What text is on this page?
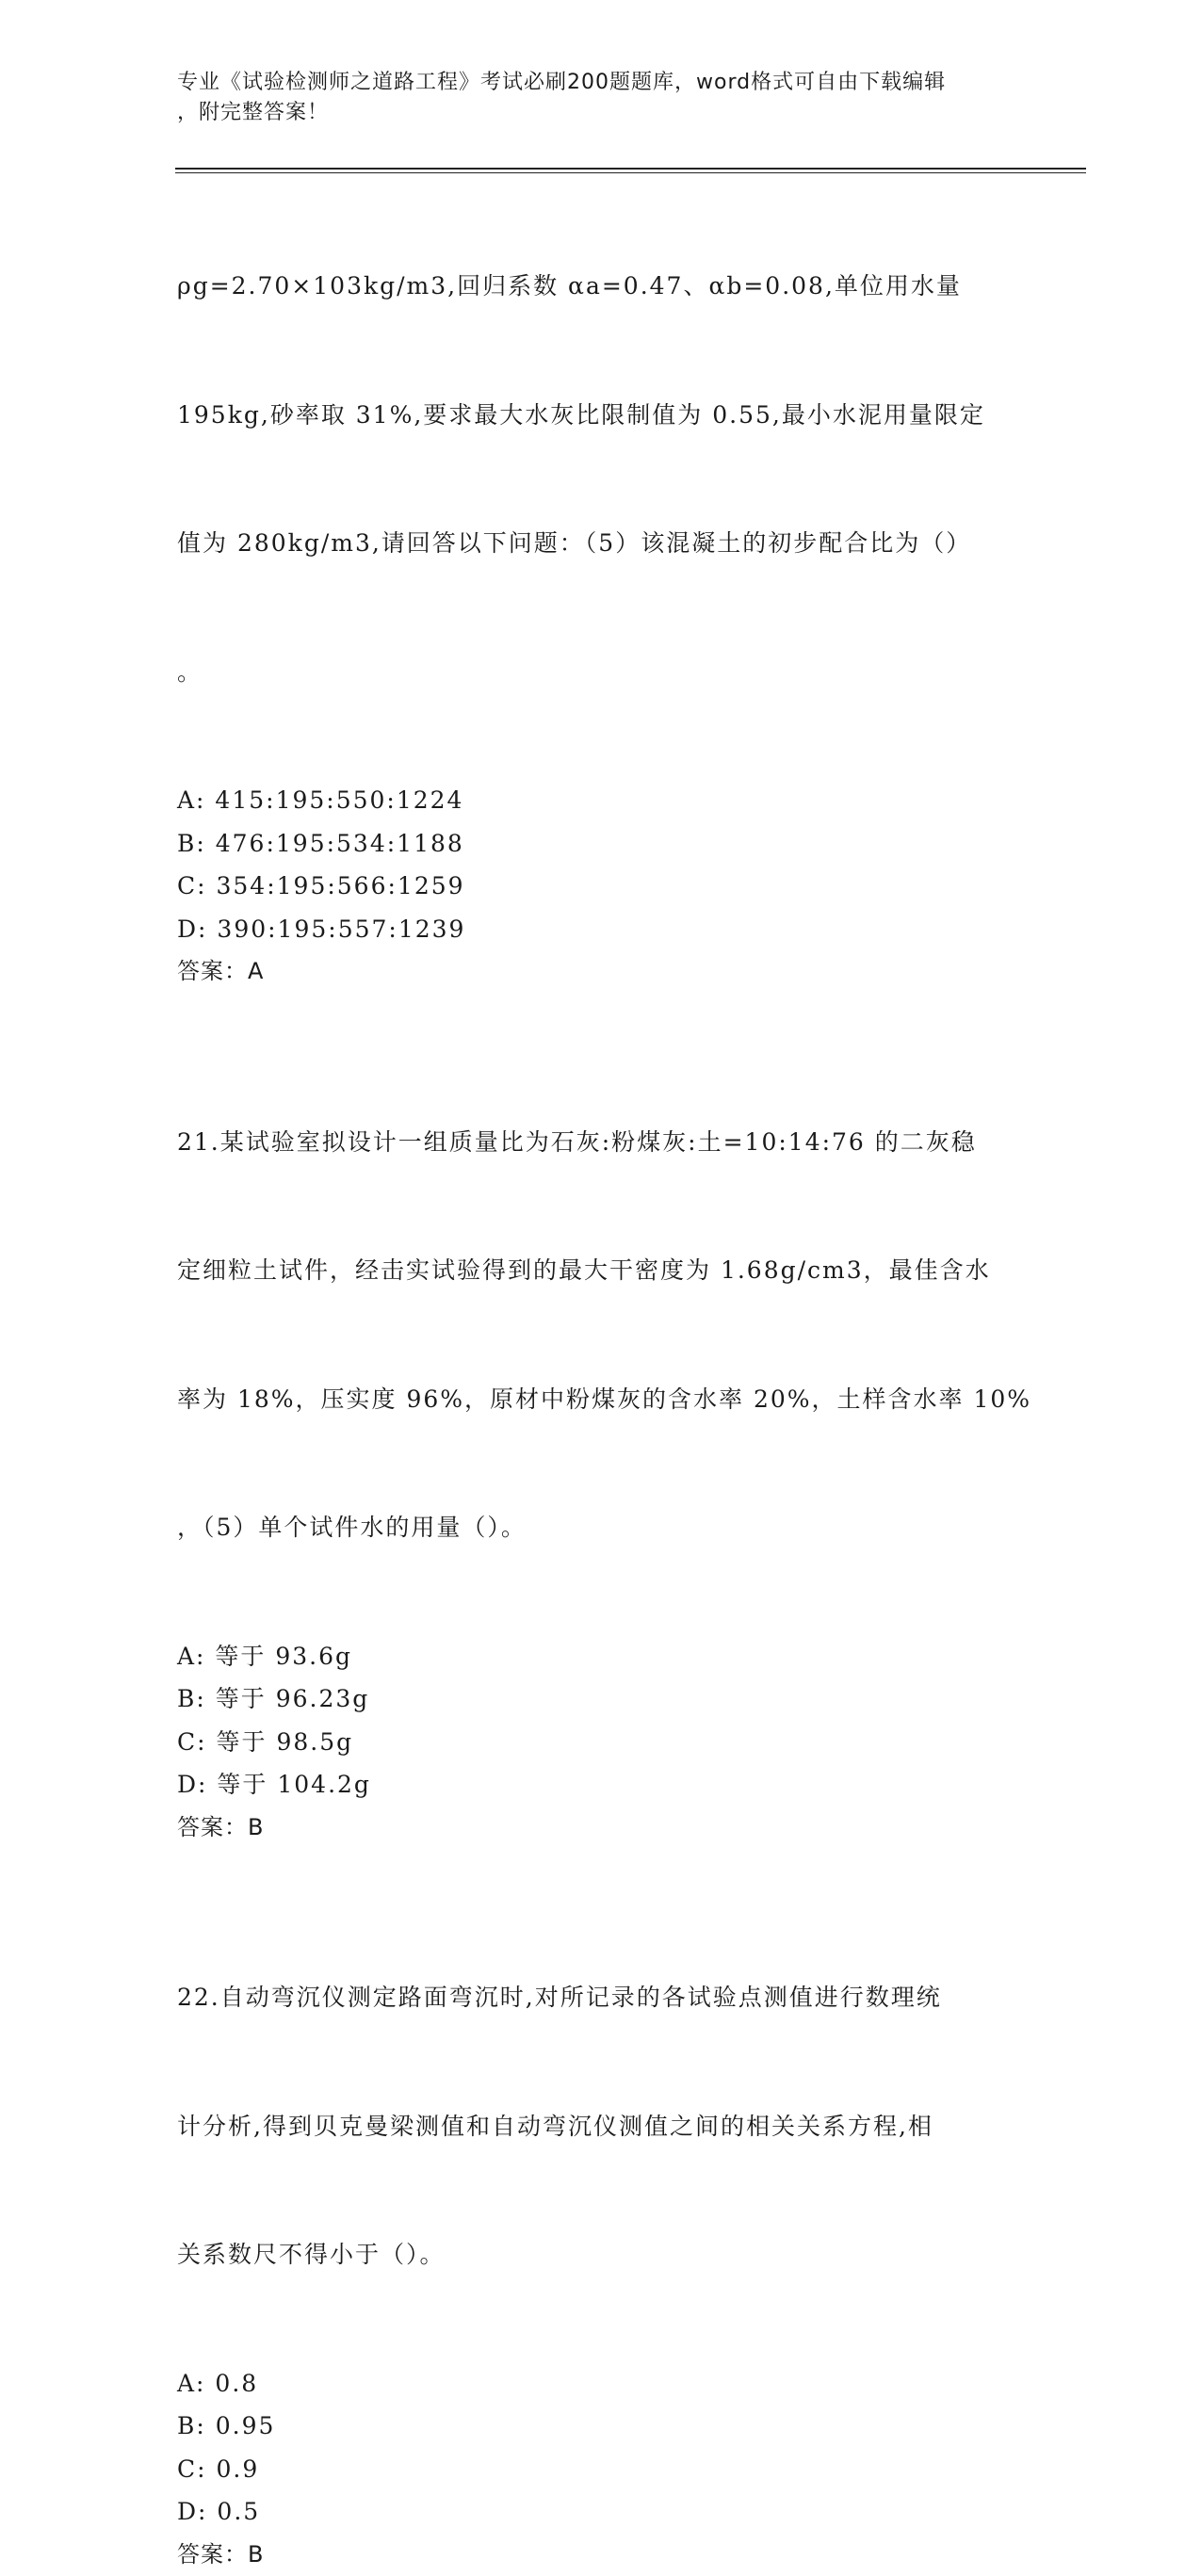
专业《试验检测师之道路工程》考试必刷200题题库，word格式可自由下载编辑
，附完整答案！

ρg=2.70×103kg/m3,回归系数 αa=0.47、αb=0.08,单位用水量

195kg,砂率取 31%,要求最大水灰比限制值为 0.55,最小水泥用量限定

值为 280kg/m3,请回答以下问题：（5）该混凝土的初步配合比为（）

。

A: 415:195:550:1224
B: 476:195:534:1188
C: 354:195:566:1259
D: 390:195:557:1239
答案：A

21.某试验室拟设计一组质量比为石灰:粉煤灰:土=10:14:76 的二灰稳

定细粒土试件，经击实试验得到的最大干密度为 1.68g/cm3，最佳含水

率为 18%，压实度 96%，原材中粉煤灰的含水率 20%，土样含水率 10%

，（5）单个试件水的用量（）。

A: 等于 93.6g
B: 等于 96.23g
C: 等于 98.5g
D: 等于 104.2g
答案：B

22.自动弯沉仪测定路面弯沉时,对所记录的各试验点测值进行数理统

计分析,得到贝克曼梁测值和自动弯沉仪测值之间的相关关系方程,相

关系数尺不得小于（）。

A: 0.8
B: 0.95
C: 0.9
D: 0.5
答案：B
